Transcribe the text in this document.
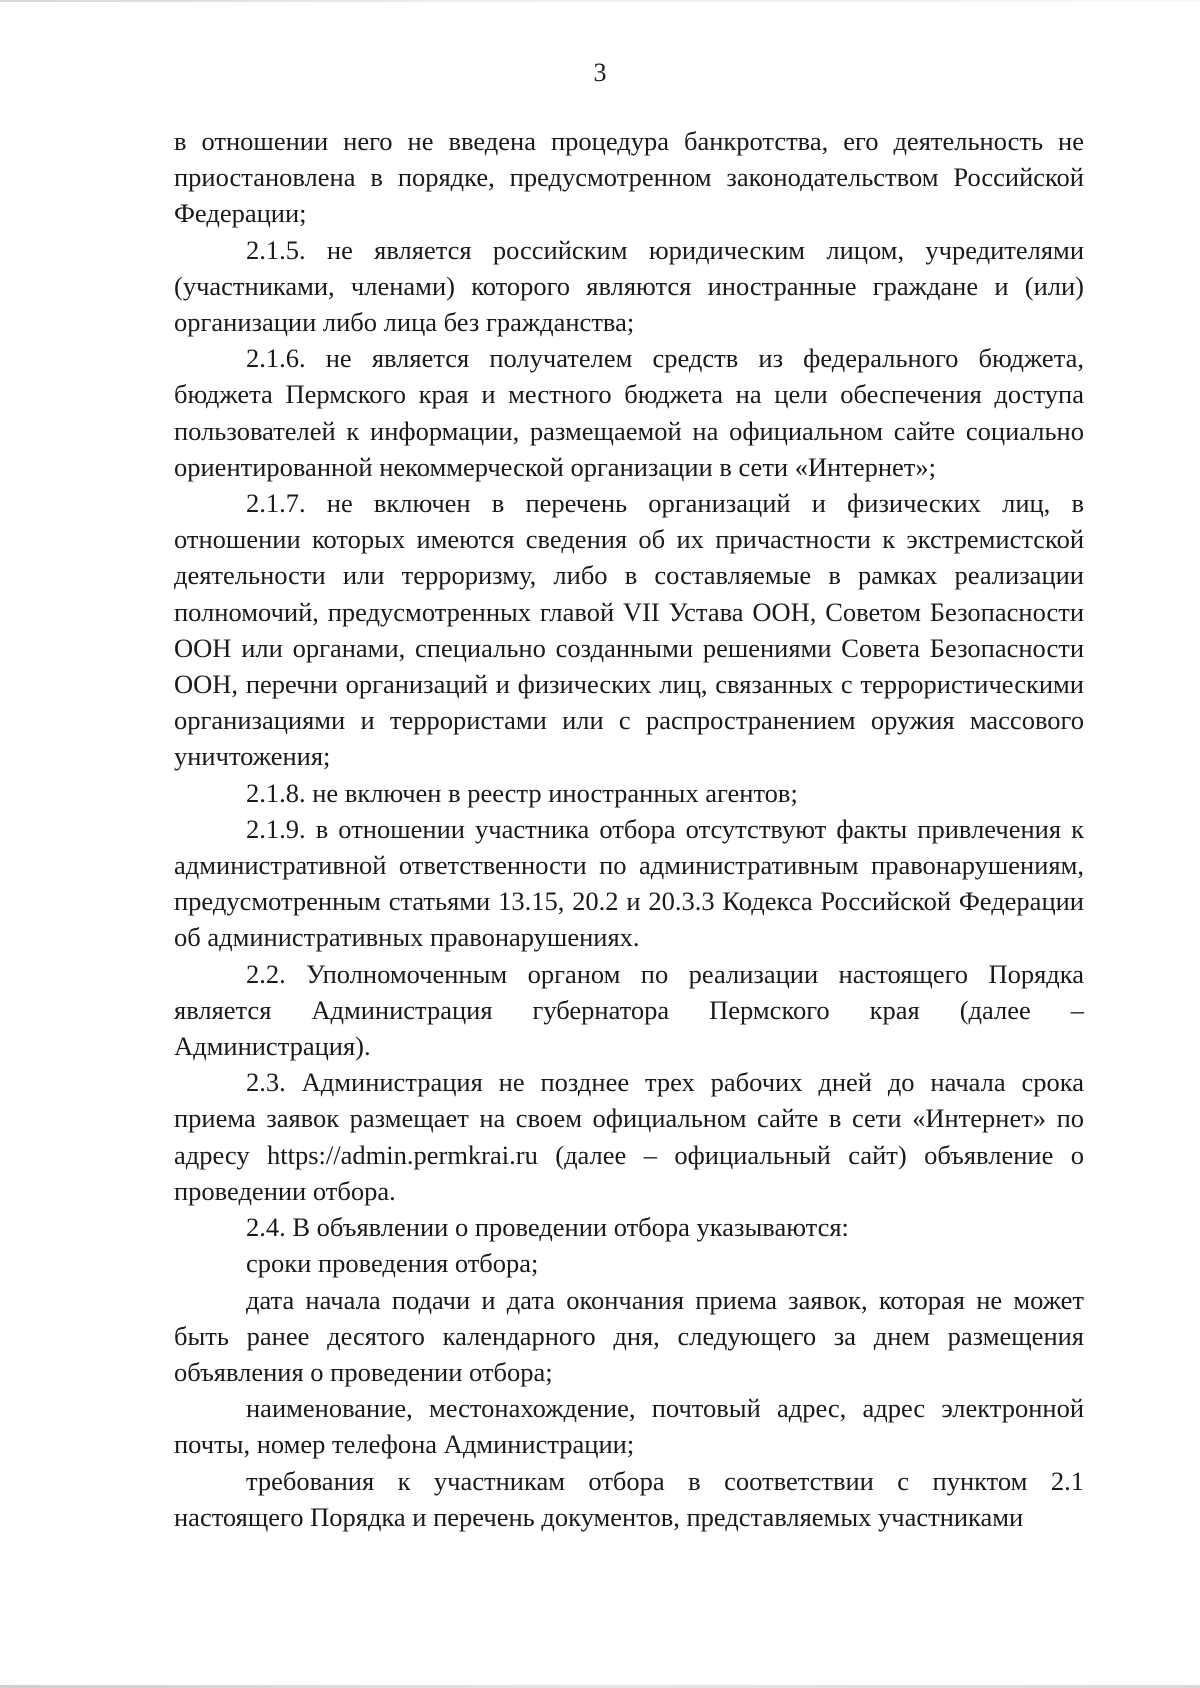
3

в отношении него не введена процедура банкротства, его деятельность не приостановлена в порядке, предусмотренном законодательством Российской Федерации;

2.1.5. не является российским юридическим лицом, учредителями (участниками, членами) которого являются иностранные граждане и (или) организации либо лица без гражданства;

2.1.6. не является получателем средств из федерального бюджета, бюджета Пермского края и местного бюджета на цели обеспечения доступа пользователей к информации, размещаемой на официальном сайте социально ориентированной некоммерческой организации в сети «Интернет»;

2.1.7. не включен в перечень организаций и физических лиц, в отношении которых имеются сведения об их причастности к экстремистской деятельности или терроризму, либо в составляемые в рамках реализации полномочий, предусмотренных главой VII Устава ООН, Советом Безопасности ООН или органами, специально созданными решениями Совета Безопасности ООН, перечни организаций и физических лиц, связанных с террористическими организациями и террористами или с распространением оружия массового уничтожения;

2.1.8. не включен в реестр иностранных агентов;

2.1.9. в отношении участника отбора отсутствуют факты привлечения к административной ответственности по административным правонарушениям, предусмотренным статьями 13.15, 20.2 и 20.3.3 Кодекса Российской Федерации об административных правонарушениях.

2.2. Уполномоченным органом по реализации настоящего Порядка является Администрация губернатора Пермского края (далее – Администрация).

2.3. Администрация не позднее трех рабочих дней до начала срока приема заявок размещает на своем официальном сайте в сети «Интернет» по адресу https://admin.permkrai.ru (далее – официальный сайт) объявление о проведении отбора.

2.4. В объявлении о проведении отбора указываются:

сроки проведения отбора;

дата начала подачи и дата окончания приема заявок, которая не может быть ранее десятого календарного дня, следующего за днем размещения объявления о проведении отбора;

наименование, местонахождение, почтовый адрес, адрес электронной почты, номер телефона Администрации;

требования к участникам отбора в соответствии с пунктом 2.1 настоящего Порядка и перечень документов, представляемых участниками
